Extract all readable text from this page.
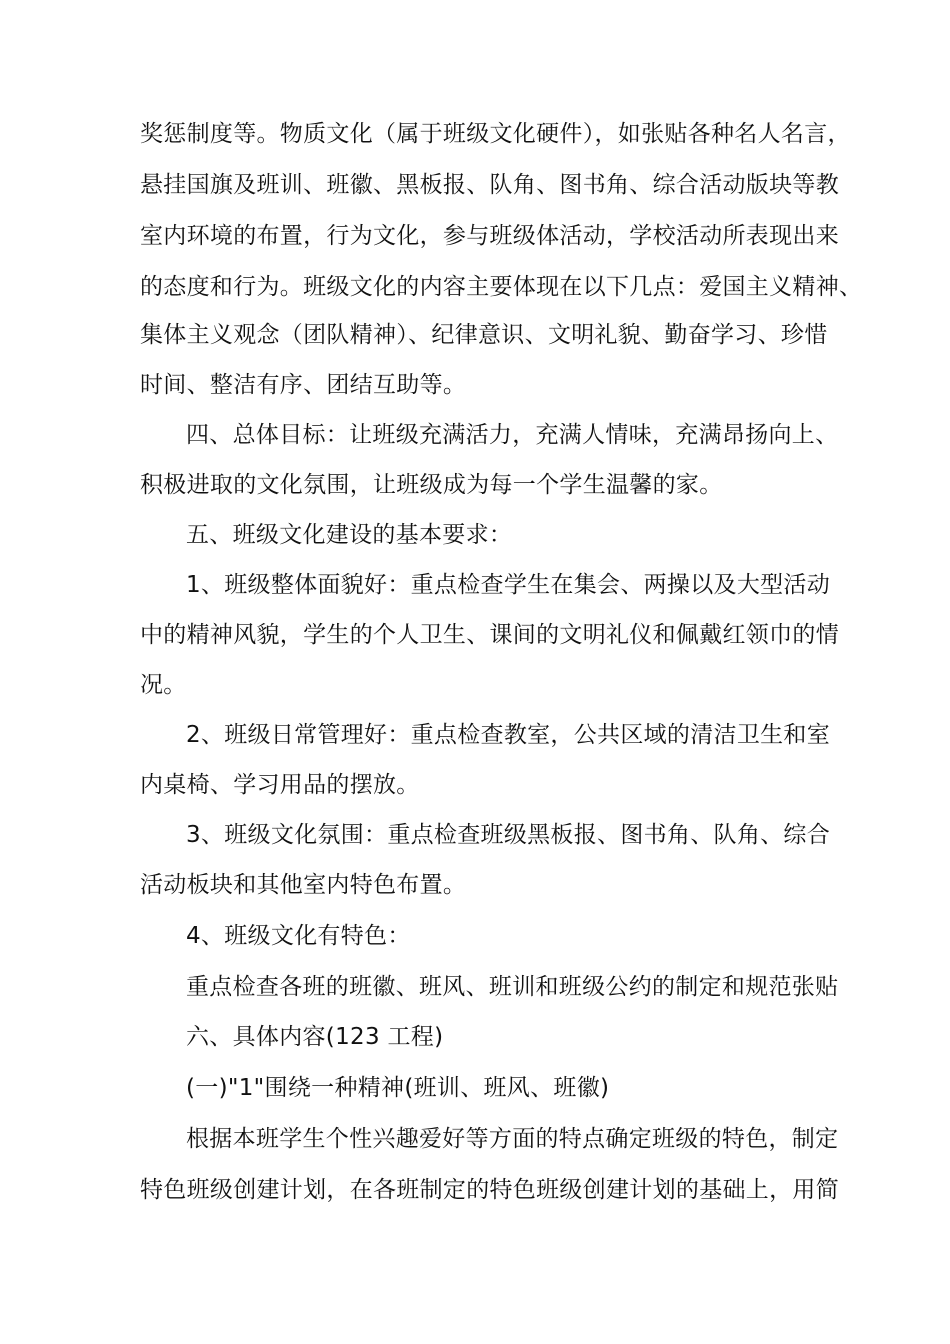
奖惩制度等。物质文化（属于班级文化硬件），如张贴各种名人名言，
悬挂国旗及班训、班徽、黑板报、队角、图书角、综合活动版块等教
室内环境的布置，行为文化，参与班级体活动，学校活动所表现出来
的态度和行为。班级文化的内容主要体现在以下几点：爱国主义精神、
集体主义观念（团队精神）、纪律意识、文明礼貌、勤奋学习、珍惜
时间、整洁有序、团结互助等。
四、总体目标：让班级充满活力，充满人情味，充满昂扬向上、
积极进取的文化氛围，让班级成为每一个学生温馨的家。
五、班级文化建设的基本要求：
1、班级整体面貌好：重点检查学生在集会、两操以及大型活动
中的精神风貌，学生的个人卫生、课间的文明礼仪和佩戴红领巾的情
况。
2、班级日常管理好：重点检查教室，公共区域的清洁卫生和室
内桌椅、学习用品的摆放。
3、班级文化氛围：重点检查班级黑板报、图书角、队角、综合
活动板块和其他室内特色布置。
4、班级文化有特色：
重点检查各班的班徽、班风、班训和班级公约的制定和规范张贴
六、具体内容(123 工程)
(一)"1"围绕一种精神(班训、班风、班徽)
根据本班学生个性兴趣爱好等方面的特点确定班级的特色，制定
特色班级创建计划，在各班制定的特色班级创建计划的基础上，用简
